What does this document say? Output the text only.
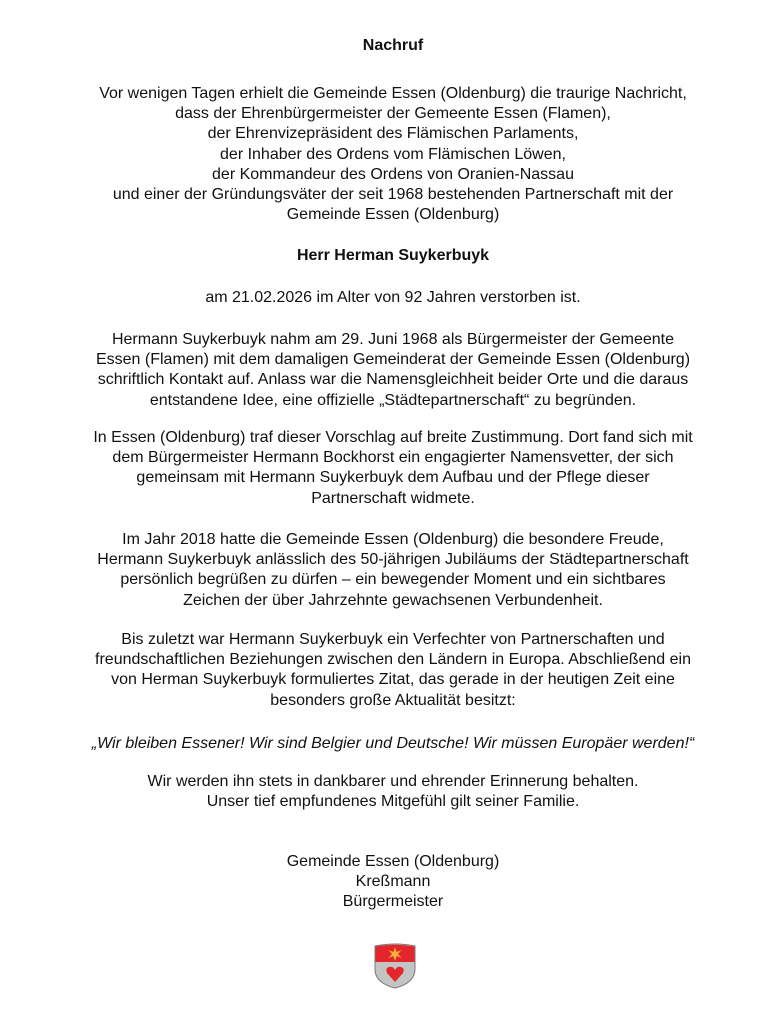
Nachruf
Vor wenigen Tagen erhielt die Gemeinde Essen (Oldenburg) die traurige Nachricht,
dass der Ehrenbürgermeister der Gemeente Essen (Flamen),
der Ehrenvizepräsident des Flämischen Parlaments,
der Inhaber des Ordens vom Flämischen Löwen,
der Kommandeur des Ordens von Oranien-Nassau
und einer der Gründungsväter der seit 1968 bestehenden Partnerschaft mit der
Gemeinde Essen (Oldenburg)
Herr Herman Suykerbuyk
am 21.02.2026 im Alter von 92 Jahren verstorben ist.
Hermann Suykerbuyk nahm am 29. Juni 1968 als Bürgermeister der Gemeente
Essen (Flamen) mit dem damaligen Gemeinderat der Gemeinde Essen (Oldenburg)
schriftlich Kontakt auf. Anlass war die Namensgleichheit beider Orte und die daraus
entstandene Idee, eine offizielle „Städtepartnerschaft“ zu begründen.
In Essen (Oldenburg) traf dieser Vorschlag auf breite Zustimmung. Dort fand sich mit
dem Bürgermeister Hermann Bockhorst ein engagierter Namensvetter, der sich
gemeinsam mit Hermann Suykerbuyk dem Aufbau und der Pflege dieser
Partnerschaft widmete.
Im Jahr 2018 hatte die Gemeinde Essen (Oldenburg) die besondere Freude,
Hermann Suykerbuyk anlässlich des 50-jährigen Jubiläums der Städtepartnerschaft
persönlich begrüßen zu dürfen – ein bewegender Moment und ein sichtbares
Zeichen der über Jahrzehnte gewachsenen Verbundenheit.
Bis zuletzt war Hermann Suykerbuyk ein Verfechter von Partnerschaften und
freundschaftlichen Beziehungen zwischen den Ländern in Europa. Abschließend ein
von Herman Suykerbuyk formuliertes Zitat, das gerade in der heutigen Zeit eine
besonders große Aktualität besitzt:
„Wir bleiben Essener! Wir sind Belgier und Deutsche! Wir müssen Europäer werden!“
Wir werden ihn stets in dankbarer und ehrender Erinnerung behalten.
Unser tief empfundenes Mitgefühl gilt seiner Familie.
Gemeinde Essen (Oldenburg)
Kreßmann
Bürgermeister
